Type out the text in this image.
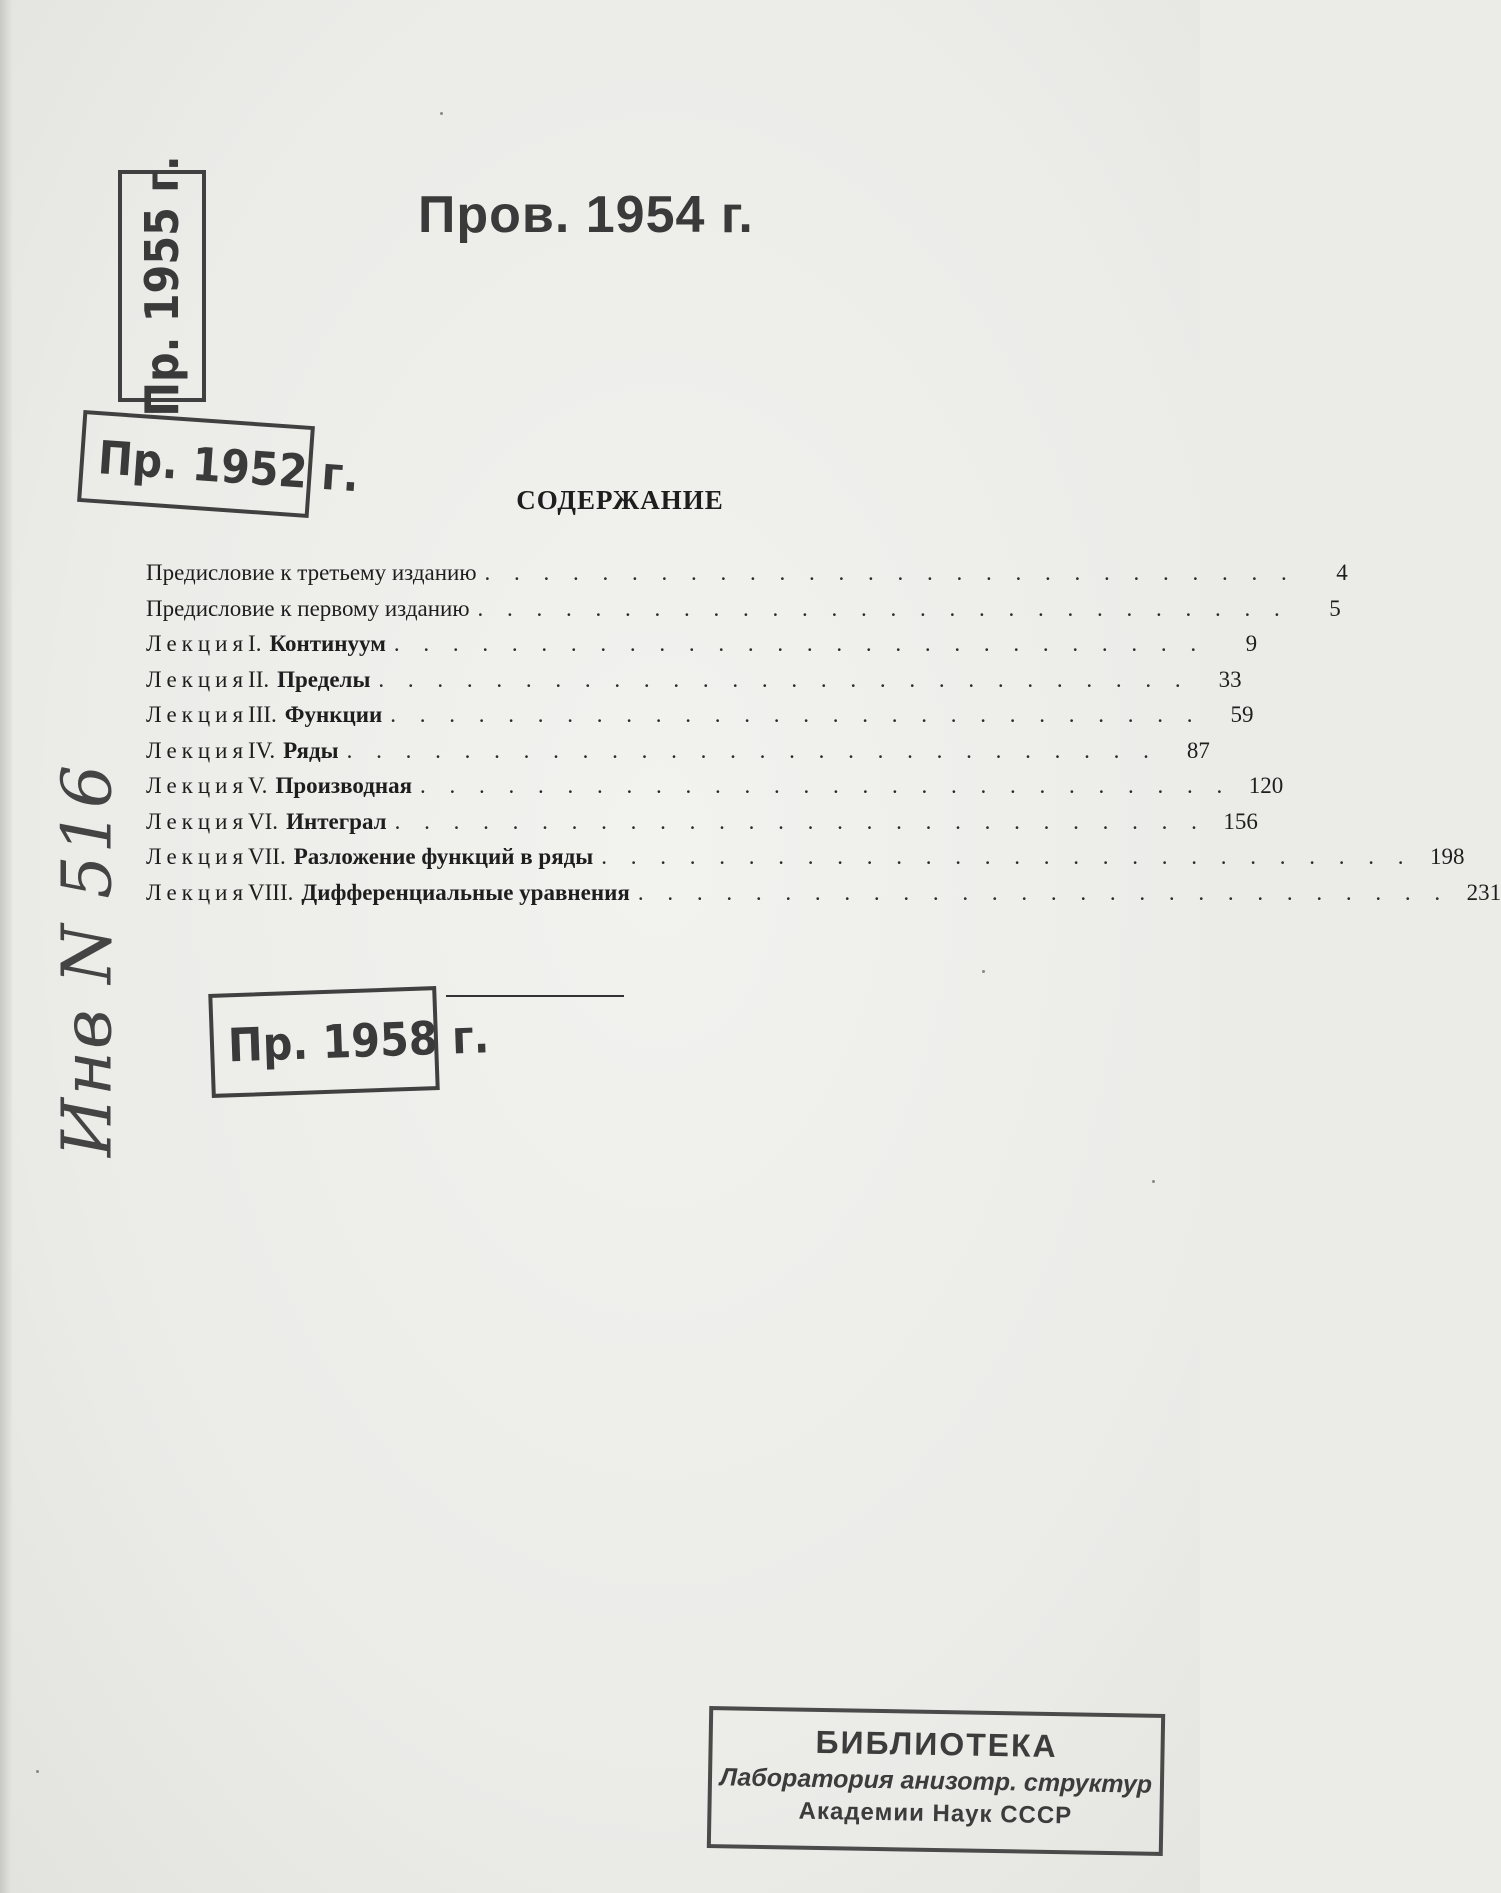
Пров. 1954 г.
Пр. 1955 г.
Пр. 1952 г.	СОДЕРЖАНИЕ
Предисловие к третьему изданию . . . . . . . . . . . . . . . . . . . . . . . . . . . .	4
Предисловие к первому изданию . . . . . . . . . . . . . . . . . . . . . . . . . . . .	5
Лекция I. Континуум . . . . . . . . . . . . . . . . . . . . . . . . . . . .	9
Лекция II. Пределы . . . . . . . . . . . . . . . . . . . . . . . . . . . .	33
Лекция III. Функции . . . . . . . . . . . . . . . . . . . . . . . . . . . .	59
Лекция IV. Ряды . . . . . . . . . . . . . . . . . . . . . . . . . . . .	87
Лекция V. Производная . . . . . . . . . . . . . . . . . . . . . . . . . . . . 120
Лекция VI. Интеграл . . . . . . . . . . . . . . . . . . . . . . . . . . . . 156
Лекция VII. Разложение функций в ряды . . . . . . . . . . . . . . . . . . . . . . . . . . . . 198
Лекция VIII. Дифференциальные уравнения . . . . . . . . . . . . . . . . . . . . . . . . . . . . 231
Пр. 1958 г.
Инв N 516
БИБЛИОТЕКА
Лаборатория анизотр. структур
Академии Наук СССР
